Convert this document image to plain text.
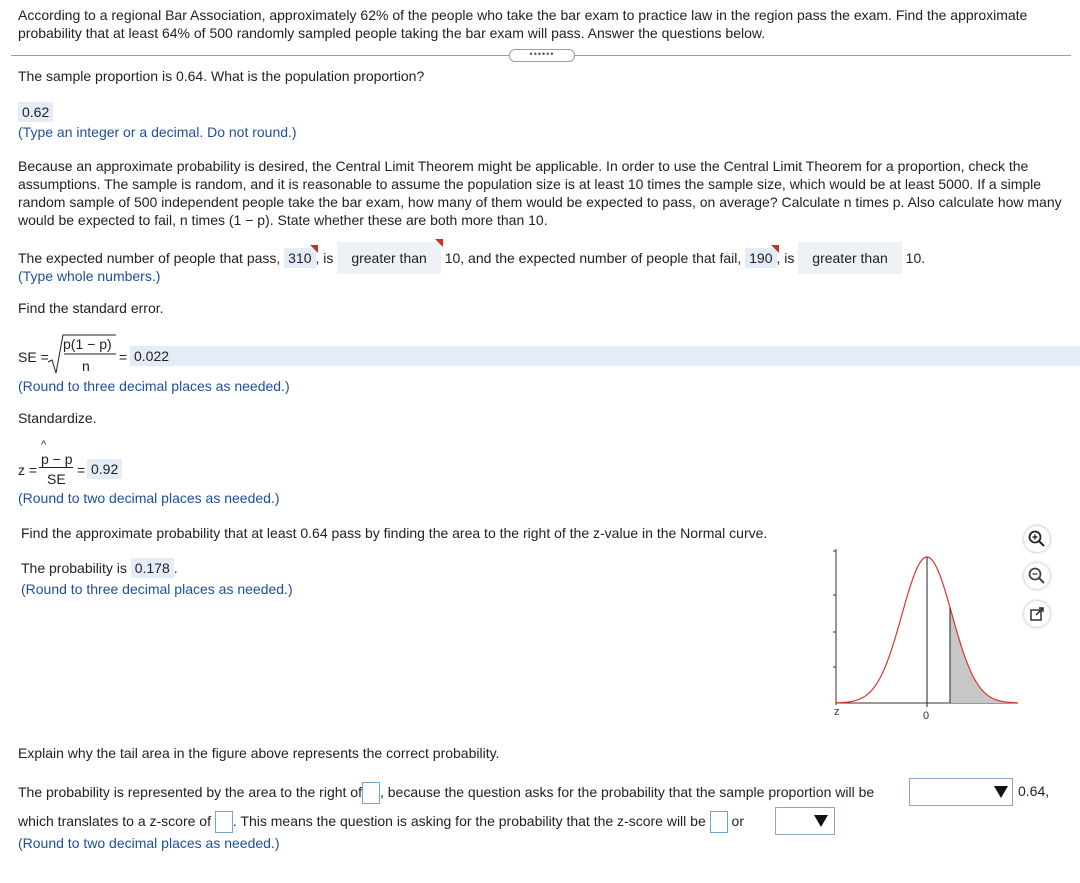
According to a regional Bar Association, approximately 62% of the people who take the bar exam to practice law in the region pass the exam. Find the approximate
probability that at least 64% of 500 randomly sampled people taking the bar exam will pass. Answer the questions below.
••••••
The sample proportion is 0.64. What is the population proportion?
0.62
(Type an integer or a decimal. Do not round.)
Because an approximate probability is desired, the Central Limit Theorem might be applicable. In order to use the Central Limit Theorem for a proportion, check the assumptions. The sample is random, and it is reasonable to assume the population size is at least 10 times the sample size, which would be at least 5000. If a simple random sample of 500 independent people take the bar exam, how many of them would be expected to pass, on average? Calculate n times p. Also calculate how many would be expected to fail, n times (1 − p). State whether these are both more than 10.
The expected number of people that pass, 310 , is greater than 10, and the expected number of people that fail, 190 , is greater than 10.
(Type whole numbers.)
Find the standard error.
SE =
p(1 − p)
n
= 0.022
(Round to three decimal places as needed.)
Standardize.
z =
^
p − p
SE
= 0.92
(Round to two decimal places as needed.)
Find the approximate probability that at least 0.64 pass by finding the area to the right of the z-value in the Normal curve.
The probability is 0.178 .
(Round to three decimal places as needed.)
z	0
Explain why the tail area in the figure above represents the correct probability.
The probability is represented by the area to the right of , because the question asks for the probability that the sample proportion will be	0.64,
which translates to a z-score of . This means the question is asking for the probability that the z-score will be or
(Round to two decimal places as needed.)
